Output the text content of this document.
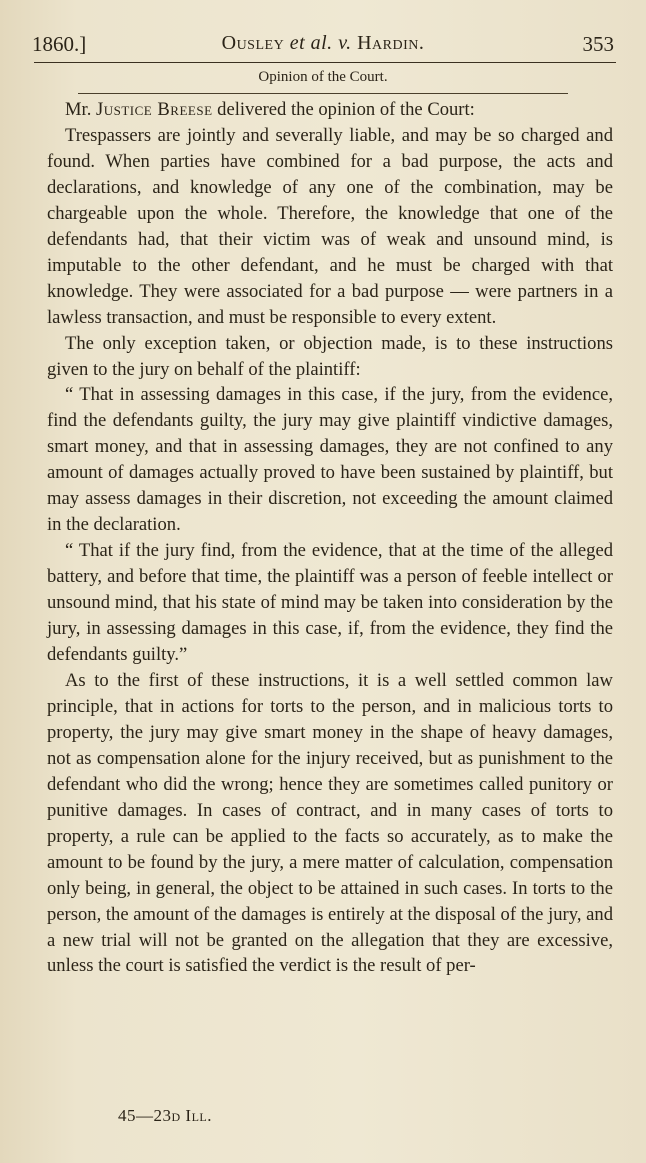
1860.]	Ousley et al. v. Hardin.	353
Opinion of the Court.

Mr. Justice Breese delivered the opinion of the Court:

Trespassers are jointly and severally liable, and may be so charged and found. When parties have combined for a bad purpose, the acts and declarations, and knowledge of any one of the combination, may be chargeable upon the whole. Therefore, the knowledge that one of the defendants had, that their victim was of weak and unsound mind, is imputable to the other defendant, and he must be charged with that knowledge. They were associated for a bad purpose — were partners in a lawless transaction, and must be responsible to every extent.

The only exception taken, or objection made, is to these instructions given to the jury on behalf of the plaintiff:

“ That in assessing damages in this case, if the jury, from the evidence, find the defendants guilty, the jury may give plaintiff vindictive damages, smart money, and that in assessing damages, they are not confined to any amount of damages actually proved to have been sustained by plaintiff, but may assess damages in their discretion, not exceeding the amount claimed in the declaration.

“ That if the jury find, from the evidence, that at the time of the alleged battery, and before that time, the plaintiff was a person of feeble intellect or unsound mind, that his state of mind may be taken into consideration by the jury, in assessing damages in this case, if, from the evidence, they find the defendants guilty.”

As to the first of these instructions, it is a well settled common law principle, that in actions for torts to the person, and in malicious torts to property, the jury may give smart money in the shape of heavy damages, not as compensation alone for the injury received, but as punishment to the defendant who did the wrong; hence they are sometimes called punitory or punitive damages. In cases of contract, and in many cases of torts to property, a rule can be applied to the facts so accurately, as to make the amount to be found by the jury, a mere matter of calculation, compensation only being, in general, the object to be attained in such cases. In torts to the person, the amount of the damages is entirely at the disposal of the jury, and a new trial will not be granted on the allegation that they are excessive, unless the court is satisfied the verdict is the result of per-

45—23d Ill.
